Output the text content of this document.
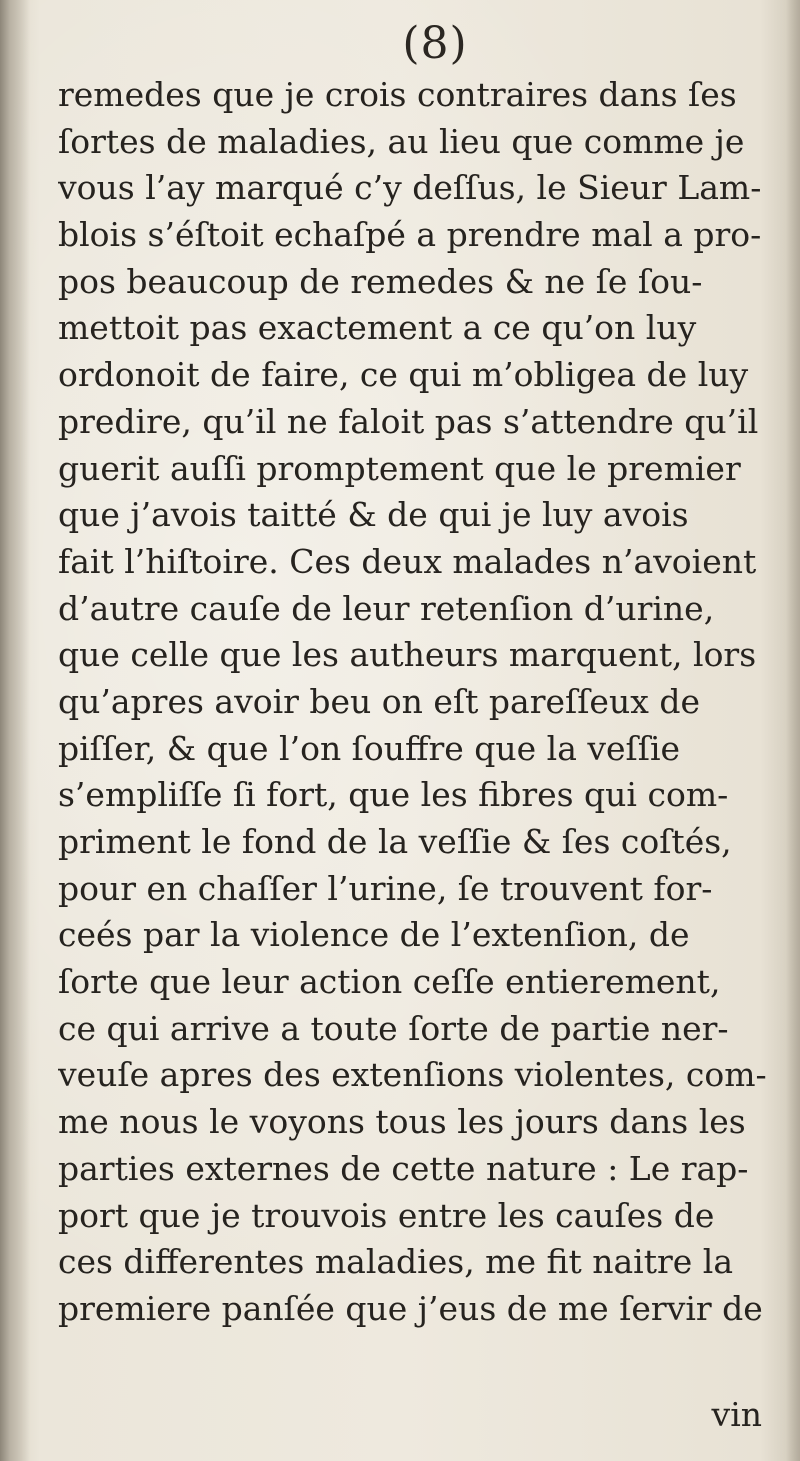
(8)
remedes que je crois contraires dans ſes
ſortes de maladies, au lieu que comme je
vous l’ay marqué c’y deſſus, le Sieur Lam-
blois s’éſtoit echaſpé a prendre mal a pro-
pos beaucoup de remedes & ne ſe ſou-
mettoit pas exactement a ce qu’on luy
ordonoit de faire, ce qui m’obligea de luy
predire, qu’il ne faloit pas s’attendre qu’il
guerit auſſi promptement que le premier
que j’avois taitté & de qui je luy avois
fait l’hiſtoire. Ces deux malades n’avoient
d’autre cauſe de leur retenſion d’urine,
que celle que les autheurs marquent, lors
qu’apres avoir beu on eſt pareſſeux de
piſſer, & que l’on ſouffre que la veſſie
s’empliſſe ſi fort, que les fibres qui com-
priment le fond de la veſſie & ſes coſtés,
pour en chaſſer l’urine, ſe trouvent for-
ceés par la violence de l’extenſion, de
ſorte que leur action ceſſe entierement,
ce qui arrive a toute ſorte de partie ner-
veuſe apres des extenſions violentes, com-
me nous le voyons tous les jours dans les
parties externes de cette nature : Le rap-
port que je trouvois entre les cauſes de
ces differentes maladies, me fit naitre la
premiere panſée que j’eus de me ſervir de
vin
